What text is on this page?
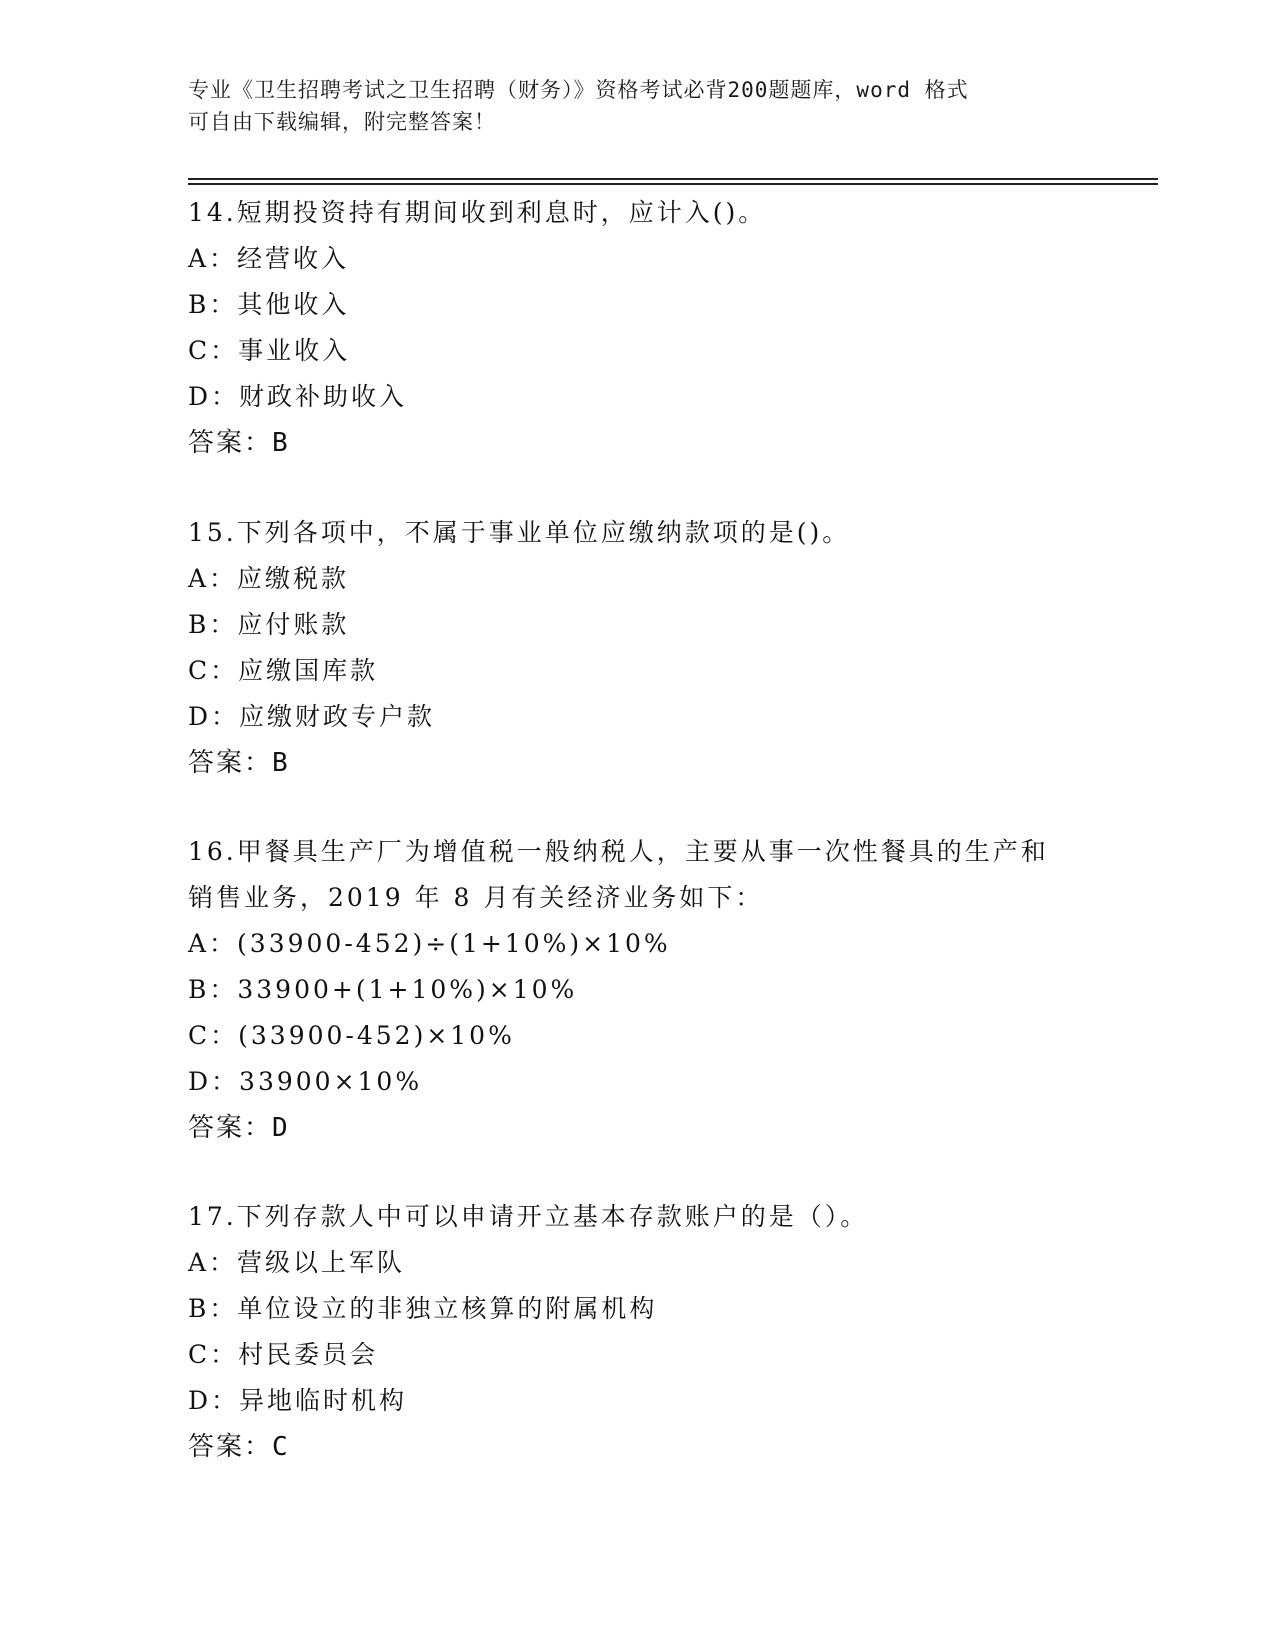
专业《卫生招聘考试之卫生招聘（财务）》资格考试必背200题题库，word 格式
可自由下载编辑，附完整答案！
14.短期投资持有期间收到利息时，应计入()。
A：经营收入
B：其他收入
C：事业收入
D：财政补助收入
答案：B
15.下列各项中，不属于事业单位应缴纳款项的是()。
A：应缴税款
B：应付账款
C：应缴国库款
D：应缴财政专户款
答案：B
16.甲餐具生产厂为增值税一般纳税人，主要从事一次性餐具的生产和
销售业务，2019 年 8 月有关经济业务如下：
A：(33900-452)÷(1+10%)×10%
B：33900+(1+10%)×10%
C：(33900-452)×10%
D：33900×10%
答案：D
17.下列存款人中可以申请开立基本存款账户的是（）。
A：营级以上军队
B：单位设立的非独立核算的附属机构
C：村民委员会
D：异地临时机构
答案：C
